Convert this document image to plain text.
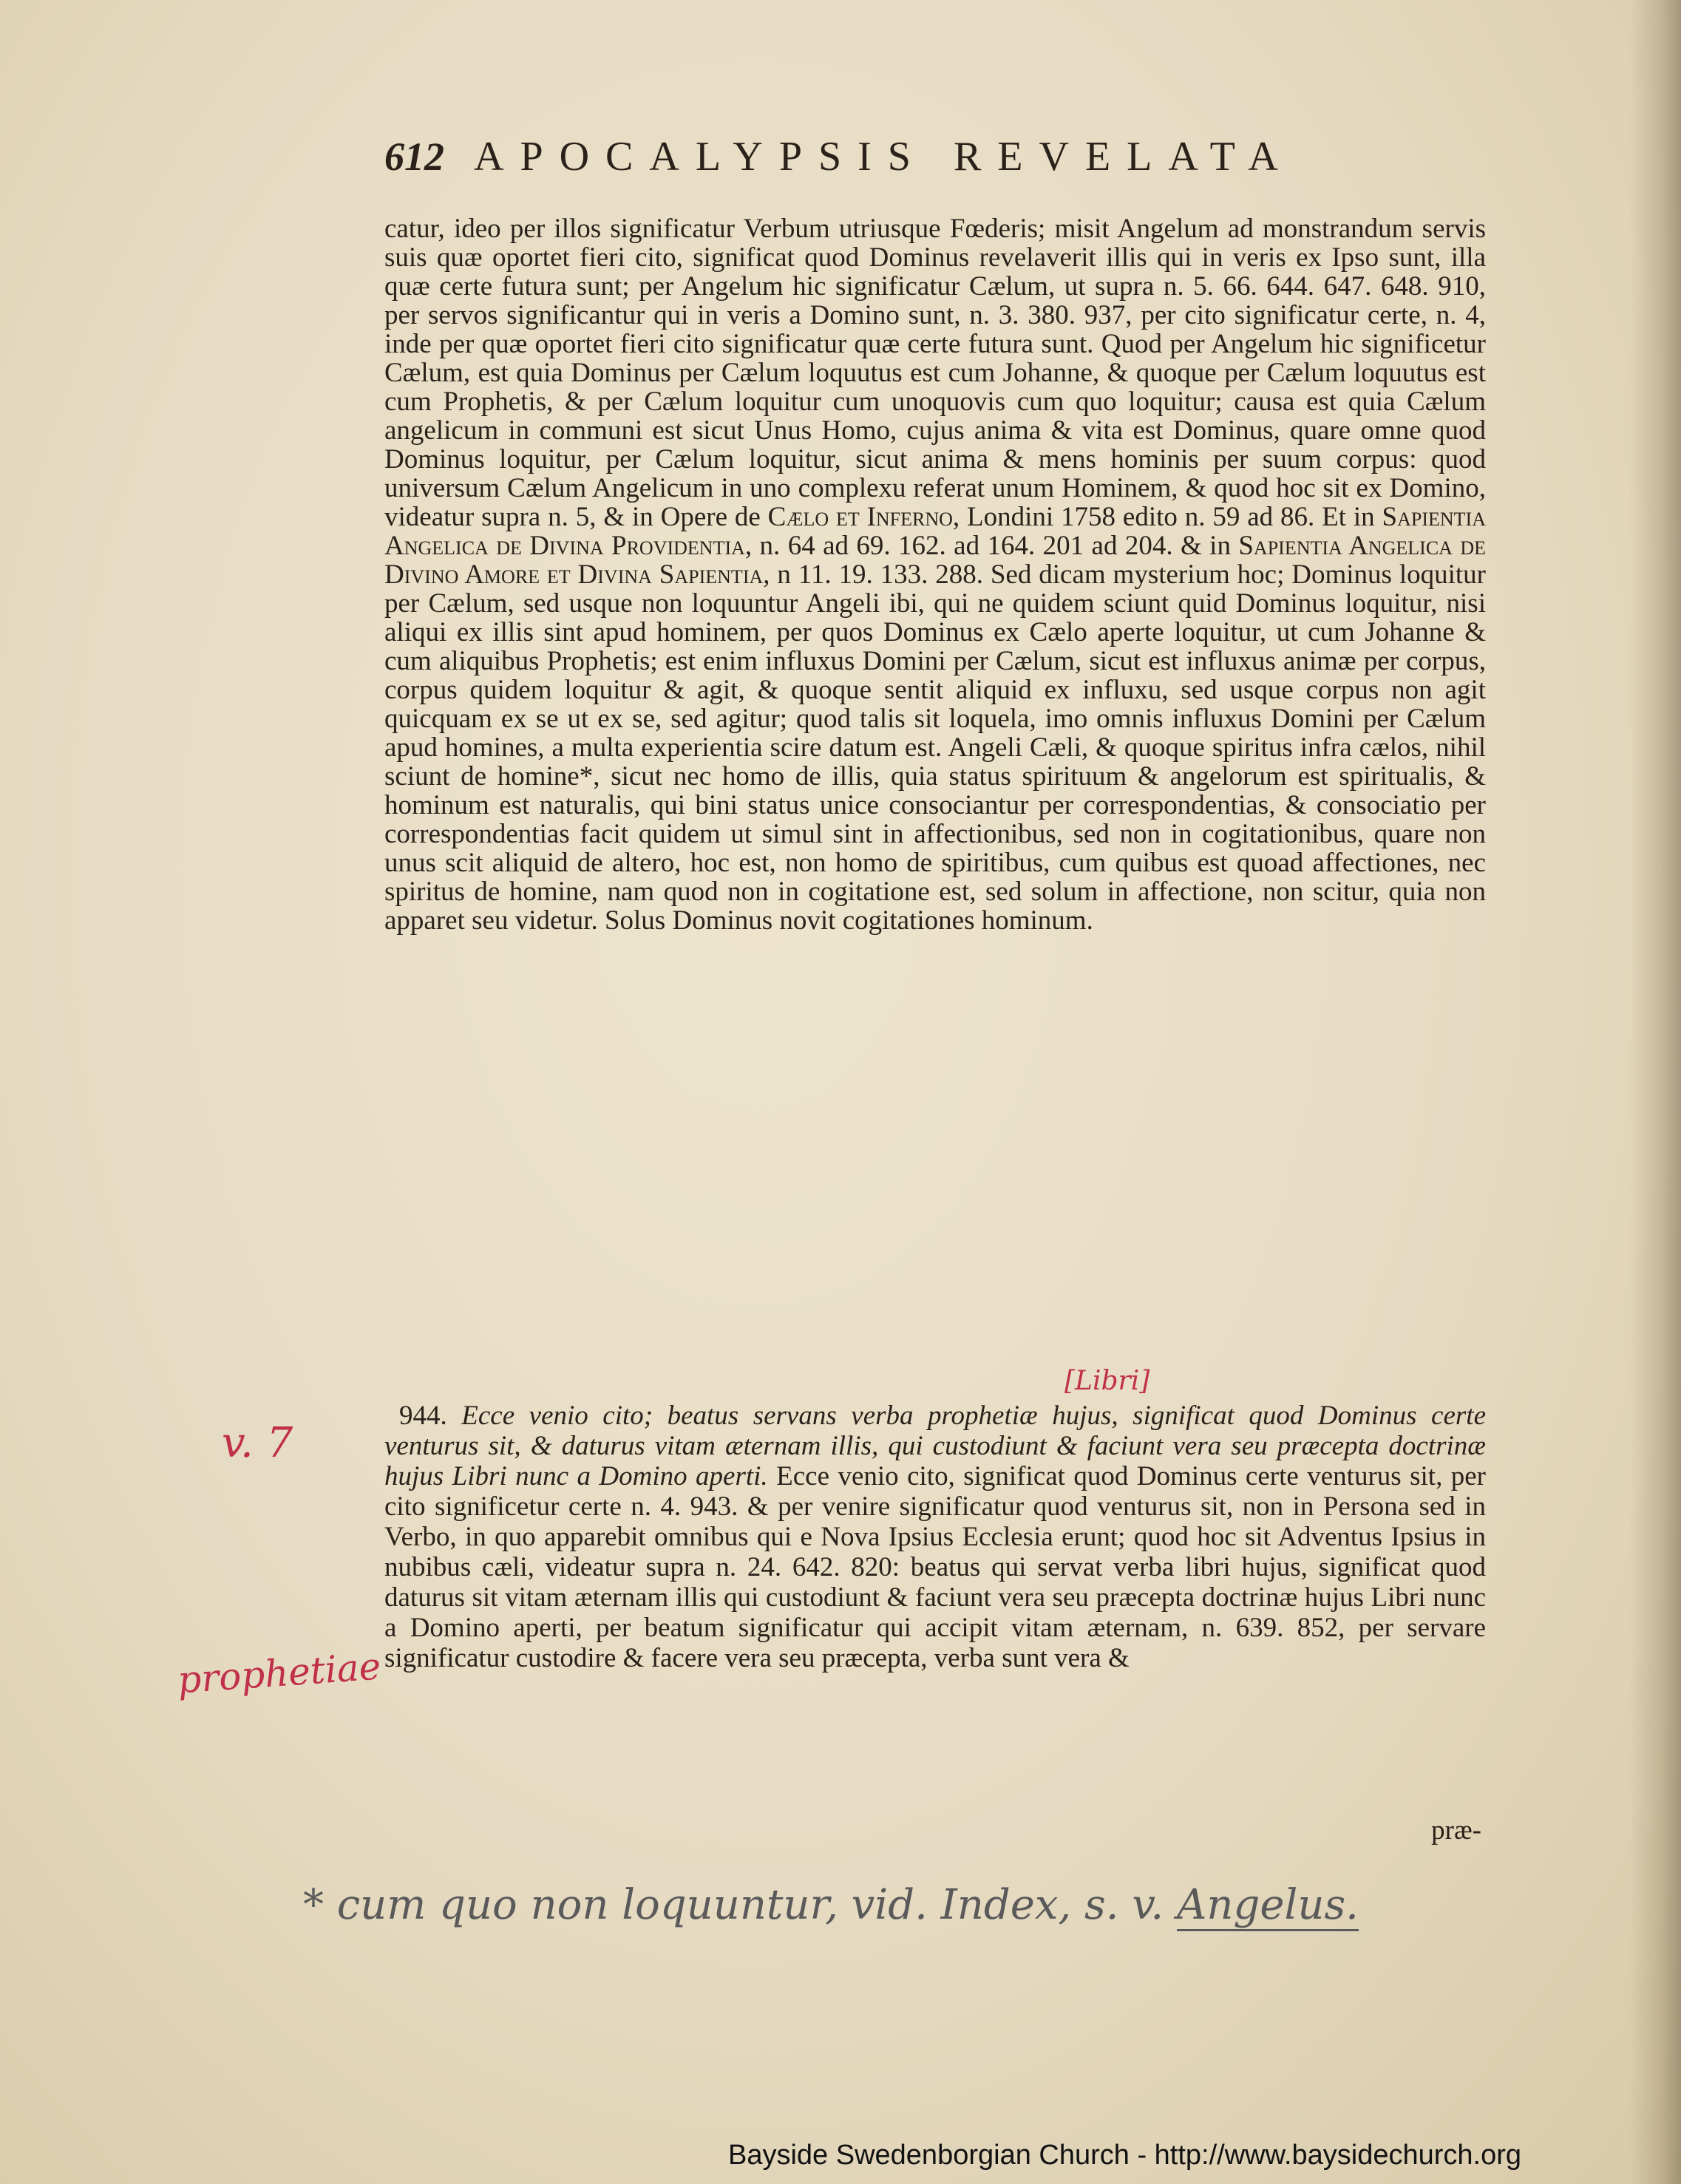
612 APOCALYPSIS REVELATA

catur, ideo per illos significatur Verbum utriusque Fœderis; misit Angelum ad monstrandum servis suis quæ oportet fieri cito, significat quod Dominus revelaverit illis qui in veris ex Ipso sunt, illa quæ certe futura sunt; per Angelum hic significatur Cælum, ut supra n. 5. 66. 644. 647. 648. 910, per servos significantur qui in veris a Domino sunt, n. 3. 380. 937, per cito significatur certe, n. 4, inde per quæ oportet fieri cito significatur quæ certe futura sunt. Quod per Angelum hic significetur Cælum, est quia Dominus per Cælum loquutus est cum Johanne, & quoque per Cælum loquutus est cum Prophetis, & per Cælum loquitur cum unoquovis cum quo loquitur; causa est quia Cælum angelicum in communi est sicut Unus Homo, cujus anima & vita est Dominus, quare omne quod Dominus loquitur, per Cælum loquitur, sicut anima & mens hominis per suum corpus: quod universum Cælum Angelicum in uno complexu referat unum Hominem, & quod hoc sit ex Domino, videatur supra n. 5, & in Opere de Cælo et Inferno, Londini 1758 edito n. 59 ad 86. Et in Sapientia Angelica de Divina Providentia, n. 64 ad 69. 162. ad 164. 201 ad 204. & in Sapientia Angelica de Divino Amore et Divina Sapientia, n 11. 19. 133. 288. Sed dicam mysterium hoc; Dominus loquitur per Cælum, sed usque non loquuntur Angeli ibi, qui ne quidem sciunt quid Dominus loquitur, nisi aliqui ex illis sint apud hominem, per quos Dominus ex Cælo aperte loquitur, ut cum Johanne & cum aliquibus Prophetis; est enim influxus Domini per Cælum, sicut est influxus animæ per corpus, corpus quidem loquitur & agit, & quoque sentit aliquid ex influxu, sed usque corpus non agit quicquam ex se ut ex se, sed agitur; quod talis sit loquela, imo omnis influxus Domini per Cælum apud homines, a multa experientia scire datum est. Angeli Cæli, & quoque spiritus infra cælos, nihil sciunt de homine*, sicut nec homo de illis, quia status spirituum & angelorum est spiritualis, & hominum est naturalis, qui bini status unice consociantur per correspondentias, & consociatio per correspondentias facit quidem ut simul sint in affectionibus, sed non in cogitationibus, quare non unus scit aliquid de altero, hoc est, non homo de spiritibus, cum quibus est quoad affectiones, nec spiritus de homine, nam quod non in cogitatione est, sed solum in affectione, non scitur, quia non apparet seu videtur. Solus Dominus novit cogitationes hominum.

944. Ecce venio cito; beatus servans verba prophetiæ hujus, significat quod Dominus certe venturus sit, & daturus vitam æternam illis, qui custodiunt & faciunt vera seu præcepta doctrinæ hujus Libri nunc a Domino aperti. Ecce venio cito, significat quod Dominus certe venturus sit, per cito significetur certe n. 4. 943. & per venire significatur quod venturus sit, non in Persona sed in Verbo, in quo apparebit omnibus qui e Nova Ipsius Ecclesia erunt; quod hoc sit Adventus Ipsius in nubibus cæli, videatur supra n. 24. 642. 820: beatus qui servat verba libri hujus, significat quod daturus sit vitam æternam illis qui custodiunt & faciunt vera seu præcepta doctrinæ hujus Libri nunc a Domino aperti, per beatum significatur qui accipit vitam æternam, n. 639. 852, per servare significatur custodire & facere vera seu præcepta, verba sunt vera &
præ-
v. 7
prophetiae
[Libri]
* cum quo non loquuntur, vid. Index, s. v. Angelus.
Bayside Swedenborgian Church - http://www.baysidechurch.org
